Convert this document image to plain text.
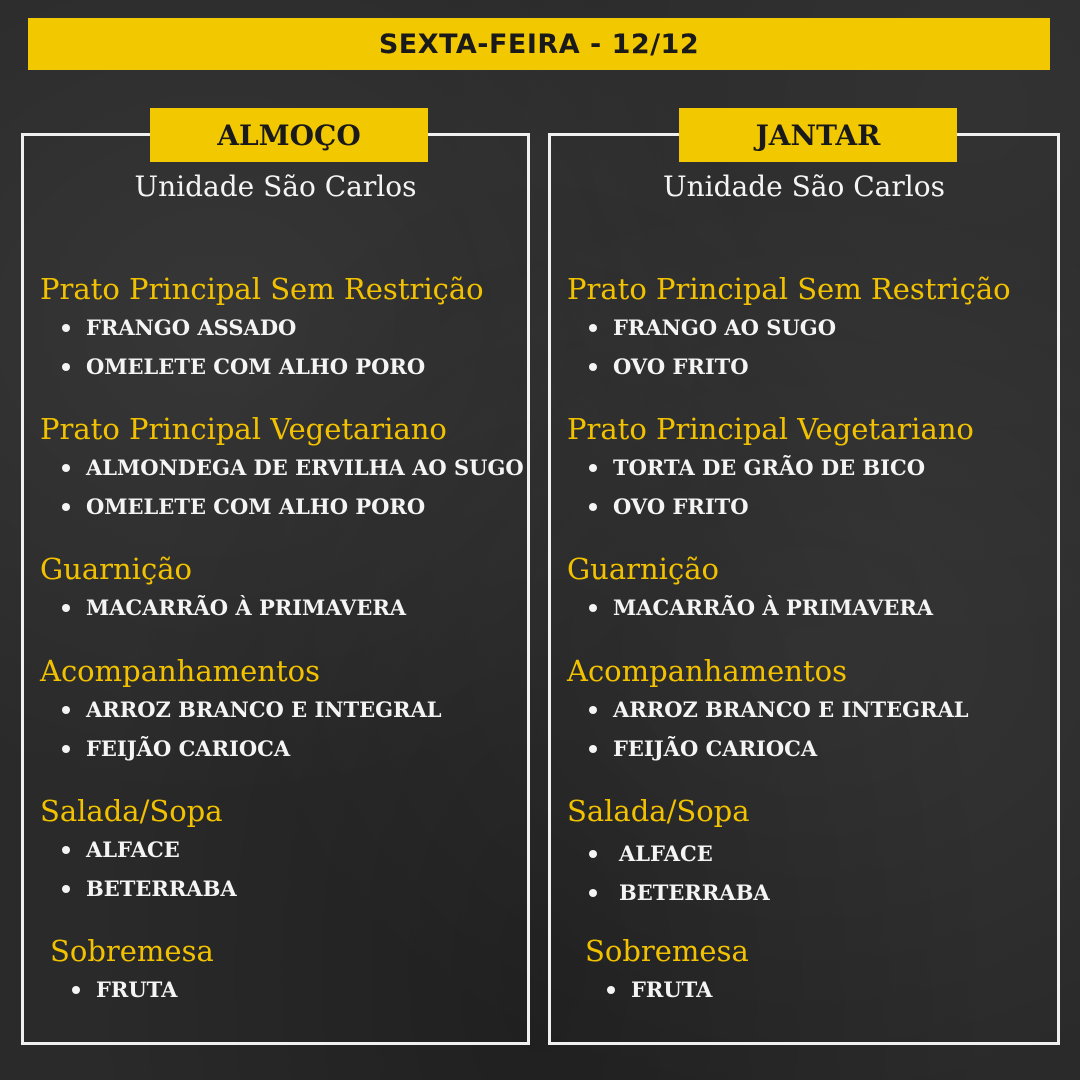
SEXTA-FEIRA - 12/12
ALMOÇO
Unidade São Carlos
Prato Principal Sem Restrição
FRANGO ASSADO
OMELETE COM ALHO PORO
Prato Principal Vegetariano
ALMONDEGA DE ERVILHA AO SUGO
OMELETE COM ALHO PORO
Guarnição
MACARRÃO À PRIMAVERA
Acompanhamentos
ARROZ BRANCO E INTEGRAL
FEIJÃO CARIOCA
Salada/Sopa
ALFACE
BETERRABA
Sobremesa
FRUTA
JANTAR
Unidade São Carlos
Prato Principal Sem Restrição
FRANGO AO SUGO
OVO FRITO
Prato Principal Vegetariano
TORTA DE GRÃO DE BICO
OVO FRITO
Guarnição
MACARRÃO À PRIMAVERA
Acompanhamentos
ARROZ BRANCO E INTEGRAL
FEIJÃO CARIOCA
Salada/Sopa
ALFACE
BETERRABA
Sobremesa
FRUTA
